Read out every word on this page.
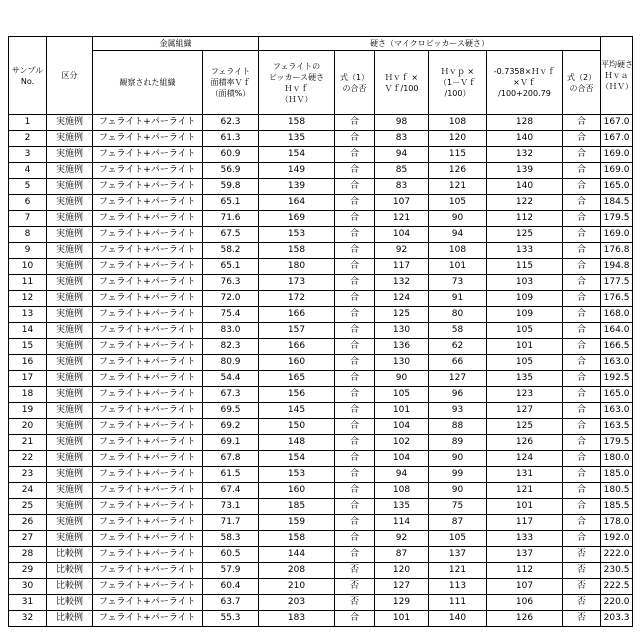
サンプル
No.
	区分	金属組織	硬さ（マイクロビッカース硬さ）	
平均硬さ
Ｈｖａ
（ＨＶ）

観察された組織	
フェライト
面積率Ｖｆ
（面積%）

フェライトの
ビッカース硬さ
Ｈｖｆ
（ＨＶ）

式（1）
の合否

Ｈｖｆ ×
Ｖｆ/100

Ｈｖｐ ×
（1－Ｖｆ
/100）

-0.7358×Ｈｖｆ
×Ｖｆ
/100+200.79

式（2）
の合否

1	実施例	フェライト+パーライト	62.3	158	合	98	108	128	合	167.0
2	実施例	フェライト+パーライト	61.3	135	合	83	120	140	合	167.0
3	実施例	フェライト+パーライト	60.9	154	合	94	115	132	合	169.0
4	実施例	フェライト+パーライト	56.9	149	合	85	126	139	合	169.0
5	実施例	フェライト+パーライト	59.8	139	合	83	121	140	合	165.0
6	実施例	フェライト+パーライト	65.1	164	合	107	105	122	合	184.5
7	実施例	フェライト+パーライト	71.6	169	合	121	90	112	合	179.5
8	実施例	フェライト+パーライト	67.5	153	合	104	94	125	合	169.0
9	実施例	フェライト+パーライト	58.2	158	合	92	108	133	合	176.8
10	実施例	フェライト+パーライト	65.1	180	合	117	101	115	合	194.8
11	実施例	フェライト+パーライト	76.3	173	合	132	73	103	合	177.5
12	実施例	フェライト+パーライト	72.0	172	合	124	91	109	合	176.5
13	実施例	フェライト+パーライト	75.4	166	合	125	80	109	合	168.0
14	実施例	フェライト+パーライト	83.0	157	合	130	58	105	合	164.0
15	実施例	フェライト+パーライト	82.3	166	合	136	62	101	合	166.5
16	実施例	フェライト+パーライト	80.9	160	合	130	66	105	合	163.0
17	実施例	フェライト+パーライト	54.4	165	合	90	127	135	合	192.5
18	実施例	フェライト+パーライト	67.3	156	合	105	96	123	合	165.0
19	実施例	フェライト+パーライト	69.5	145	合	101	93	127	合	163.0
20	実施例	フェライト+パーライト	69.2	150	合	104	88	125	合	163.5
21	実施例	フェライト+パーライト	69.1	148	合	102	89	126	合	179.5
22	実施例	フェライト+パーライト	67.8	154	合	104	90	124	合	180.0
23	実施例	フェライト+パーライト	61.5	153	合	94	99	131	合	185.0
24	実施例	フェライト+パーライト	67.4	160	合	108	90	121	合	180.5
25	実施例	フェライト+パーライト	73.1	185	合	135	75	101	合	185.5
26	実施例	フェライト+パーライト	71.7	159	合	114	87	117	合	178.0
27	実施例	フェライト+パーライト	58.3	158	合	92	105	133	合	192.0
28	比較例	フェライト+パーライト	60.5	144	合	87	137	137	否	222.0
29	比較例	フェライト+パーライト	57.9	208	否	120	121	112	否	230.5
30	比較例	フェライト+パーライト	60.4	210	否	127	113	107	否	222.5
31	比較例	フェライト+パーライト	63.7	203	否	129	111	106	否	220.0
32	比較例	フェライト+パーライト	55.3	183	合	101	140	126	否	203.3
